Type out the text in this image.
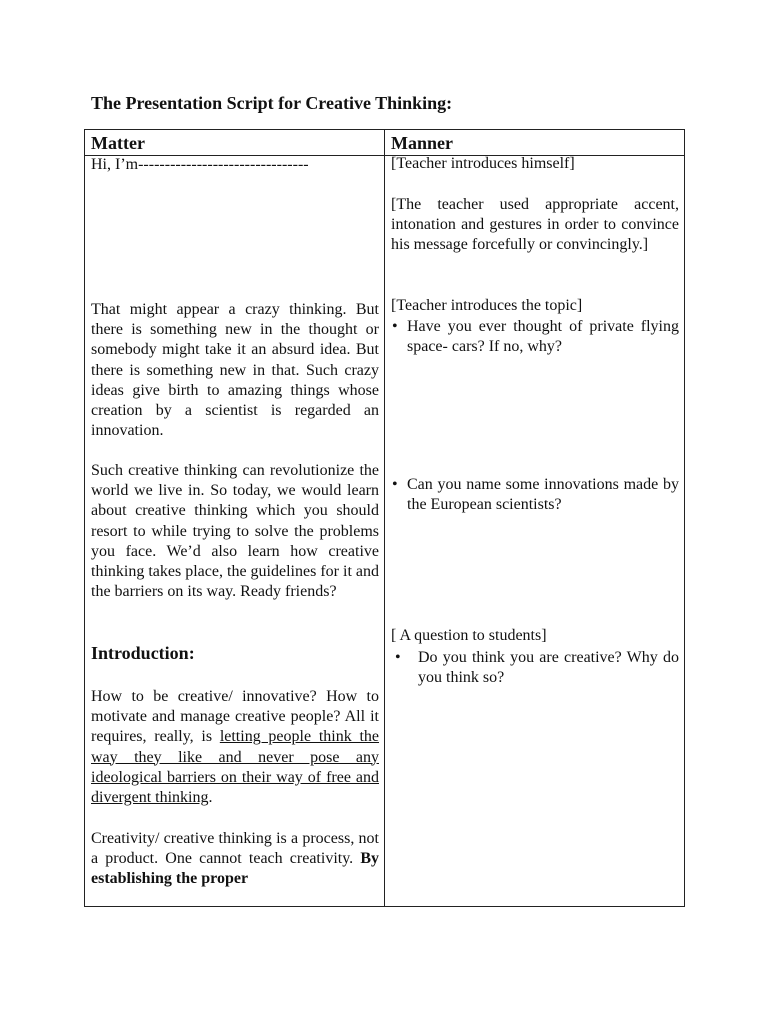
The Presentation Script for Creative Thinking:
Matter

Hi, I’m--------------------------------

That might appear a crazy thinking. But there is something new in the thought or somebody might take it an absurd idea. But there is something new in that. Such crazy ideas give birth to amazing things whose creation by a scientist is regarded an innovation.

Such creative thinking can revolutionize the world we live in. So today, we would learn about creative thinking which you should resort to while trying to solve the problems you face. We’d also learn how creative thinking takes place, the guidelines for it and the barriers on its way. Ready friends?

Introduction:

How to be creative/ innovative? How to motivate and manage creative people? All it requires, really, is letting people think the way they like and never pose any ideological barriers on their way of free and divergent thinking.

Creativity/ creative thinking is a process, not a product. One cannot teach creativity. By establishing the proper

Manner

[Teacher introduces himself]

[The teacher used appropriate accent, intonation and gestures in order to convince his message forcefully or convincingly.]

[Teacher introduces the topic]

• Have you ever thought of private flying space- cars? If no, why?
• Can you name some innovations made by the European scientists?

[ A question to students]

•	Do you think you are creative? Why do you think so?
